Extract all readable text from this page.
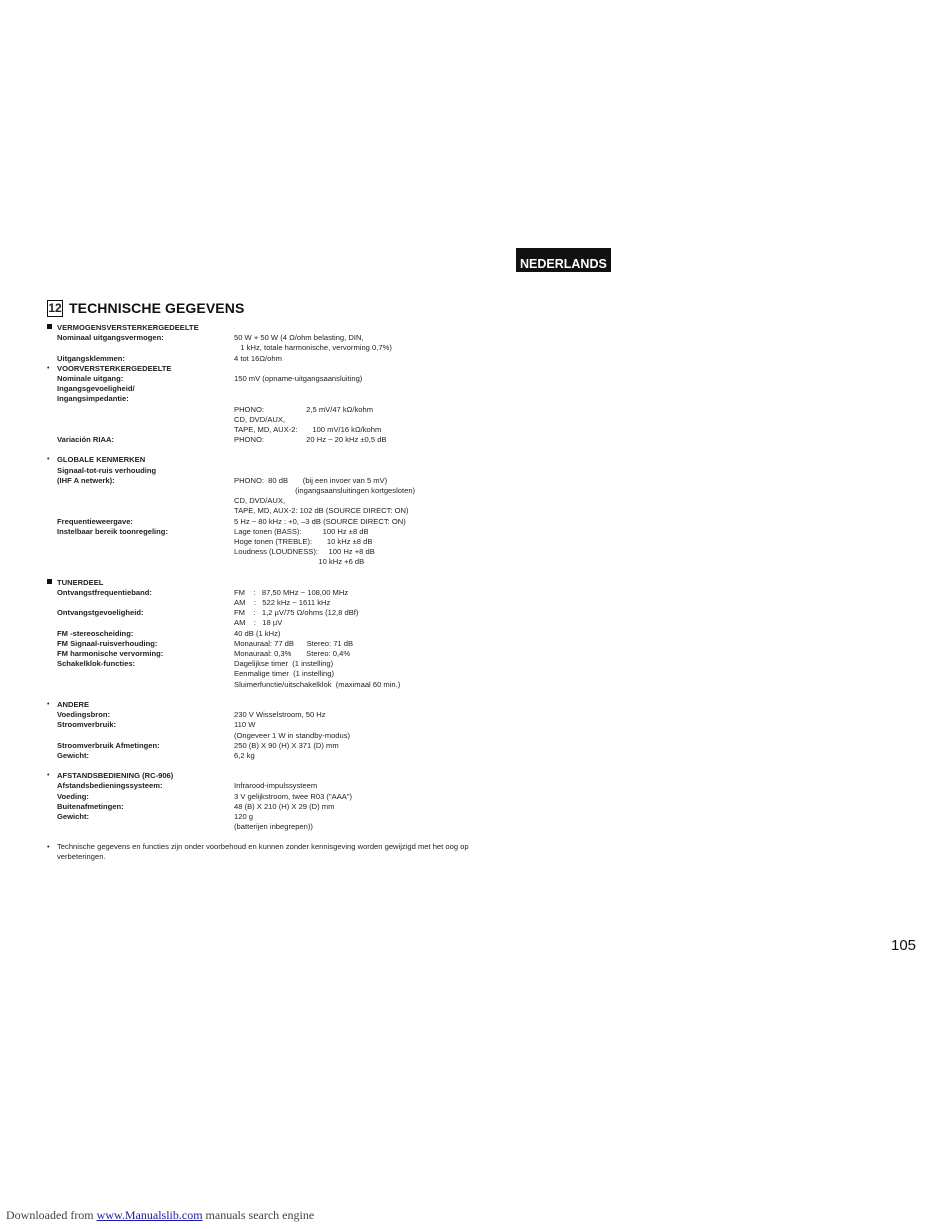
NEDERLANDS
12 TECHNISCHE GEGEVENS
VERMOGENSVERSTERKERGEDEELTE
Nominaal uitgangsvermogen:	50 W + 50 W (4 Ω/ohm belasting, DIN,
1 kHz, totale harmonische, vervorming 0,7%)
Uitgangsklemmen:	4 tot 16Ω/ohm
• VOORVERSTERKERGEDEELTE
Nominale uitgang:	150 mV (opname-uitgangsaansluiting)
Ingangsgevoeligheid/
Ingangsimpedantie:
PHONO:                    2,5 mV/47 kΩ/kohm
CD, DVD/AUX,
TAPE, MD, AUX-2:       100 mV/16 kΩ/kohm
Variación RIAA:	PHONO:                    20 Hz ~ 20 kHz ±0,5 dB
• GLOBALE KENMERKEN
Signaal-tot-ruis verhouding
(IHF A netwerk):	PHONO:  80 dB       (bij een invoer van 5 mV)
(ingangsaansluitingen kortgesloten)
CD, DVD/AUX,
TAPE, MD, AUX-2: 102 dB (SOURCE DIRECT: ON)
Frequentieweergave:	5 Hz ~ 80 kHz : +0, –3 dB (SOURCE DIRECT: ON)
Instelbaar bereik toonregeling:	Lage tonen (BASS):          100 Hz ±8 dB
Hoge tonen (TREBLE):       10 kHz ±8 dB
Loudness (LOUDNESS):     100 Hz +8 dB
10 kHz +6 dB
TUNERDEEL
Ontvangstfrequentieband:	FM    :   87,50 MHz ~ 108,00 MHz
AM    :   522 kHz ~ 1611 kHz
Ontvangstgevoeligheid:	FM    :   1,2 µV/75 Ω/ohms (12,8 dBf)
AM    :   18 µV
FM -stereoscheiding:	40 dB (1 kHz)
FM Signaal-ruisverhouding:	Monauraal: 77 dB      Stereo: 71 dB
FM harmonische vervorming:	Monauraal: 0,3%       Stereo: 0,4%
Schakelklok-functies:	Dagelijkse timer  (1 instelling)
Eenmalige timer  (1 instelling)
Sluimerfunctie/uitschakelklok  (maximaal 60 min.)
• ANDERE
Voedingsbron:	230 V Wisselstroom, 50 Hz
Stroomverbruik:	110 W
(Ongeveer 1 W in standby-modus)
Stroomverbruik Afmetingen:	250 (B) X 90 (H) X 371 (D) mm
Gewicht:	6,2 kg
• AFSTANDSBEDIENING (RC-906)
Afstandsbedieningssysteem:	Infrarood-impulssysteem
Voeding:	3 V gelijkstroom, twee R03 ("AAA")
Buitenafmetingen:	48 (B) X 210 (H) X 29 (D) mm
Gewicht:	120 g
(batterijen inbegrepen))
• Technische gegevens en functies zijn onder voorbehoud en kunnen zonder kennisgeving worden gewijzigd met het oog op verbeteringen.
105
Downloaded from www.Manualslib.com manuals search engine
